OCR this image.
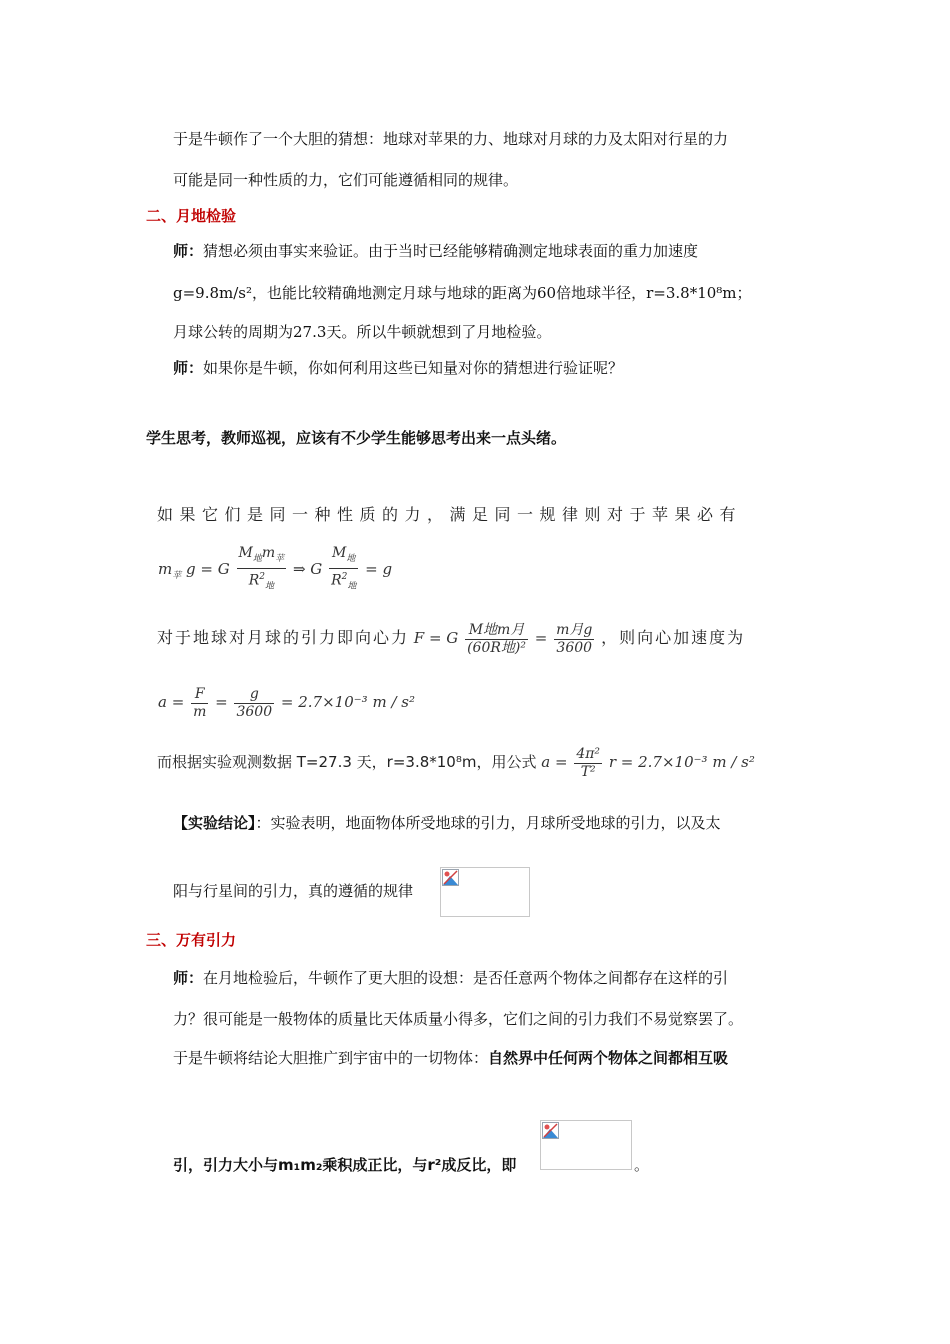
于是牛顿作了一个大胆的猜想：地球对苹果的力、地球对月球的力及太阳对行星的力
可能是同一种性质的力，它们可能遵循相同的规律。
二、月地检验
师：猜想必须由事实来验证。由于当时已经能够精确测定地球表面的重力加速度
g=9.8m/s²，也能比较精确地测定月球与地球的距离为60倍地球半径，r=3.8*10⁸m；
月球公转的周期为27.3天。所以牛顿就想到了月地检验。
师：如果你是牛顿，你如何利用这些已知量对你的猜想进行验证呢？
学生思考，教师巡视，应该有不少学生能够思考出来一点头绪。
如果它们是同一种性质的力，满足同一规律则对于苹果必有
$m_苹$ g = G $\frac{M_地m_苹}{R^2_地}$ ⇒ G $\frac{M_地}{R^2_地} = g$
对于地球对月球的引力即向心力 F = G $\frac{\text{M地m月}}{\text{(60R地)²}} = \frac{\text{m月g}}{3600}$ ，则向心加速度为
$a = \frac{F}{m} = \frac{g}{3600} = 2.7\times 10^{-3}$ m / s²
而根据实验观测数据 T=27.3 天，r=3.8*10⁸m，用公式 $a = \frac{\text{4π²}}{\text{T²}}$ r = 2.7×10⁻³ m / s²
【实验结论】：实验表明，地面物体所受地球的引力，月球所受地球的引力，以及太
阳与行星间的引力，真的遵循的规律
三、万有引力
师：在月地检验后，牛顿作了更大胆的设想：是否任意两个物体之间都存在这样的引
力？很可能是一般物体的质量比天体质量小得多，它们之间的引力我们不易觉察罢了。
于是牛顿将结论大胆推广到宇宙中的一切物体：自然界中任何两个物体之间都相互吸
引，引力大小与m₁m₂乘积成正比，与r²成反比，即	。
